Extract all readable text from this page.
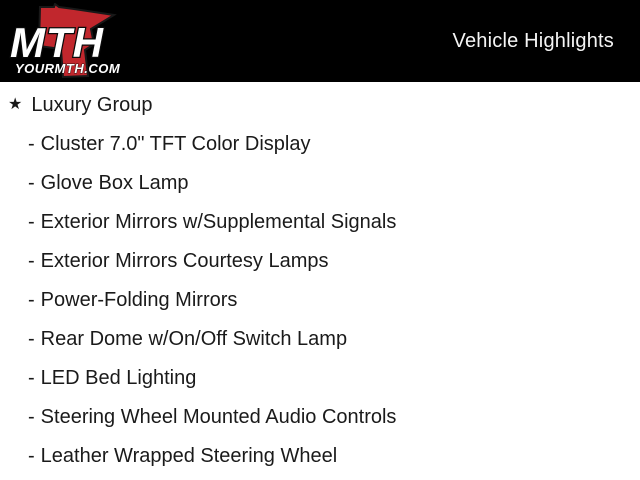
MTH
YOURMTH.COM
Vehicle Highlights
★ Luxury Group
- Cluster 7.0" TFT Color Display
- Glove Box Lamp
- Exterior Mirrors w/Supplemental Signals
- Exterior Mirrors Courtesy Lamps
- Power-Folding Mirrors
- Rear Dome w/On/Off Switch Lamp
- LED Bed Lighting
- Steering Wheel Mounted Audio Controls
- Leather Wrapped Steering Wheel
